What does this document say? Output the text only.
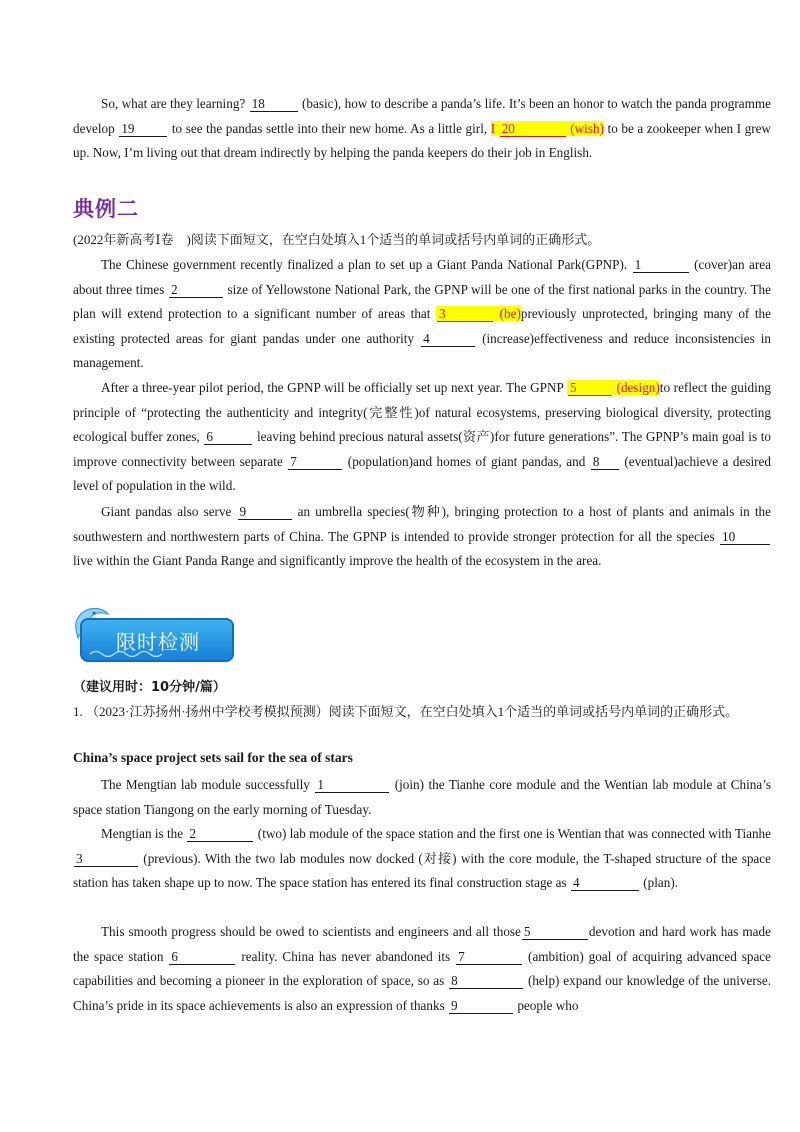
So, what are they learning? 18	(basic), how to describe a panda’s life. It’s been an honor to watch the panda programme develop 19	to see the pandas settle into their new home. As a little girl, I 20	(wish) to be a zookeeper when I grew up. Now, I’m living out that dream indirectly by helping the panda keepers do their job in English.
典例二
(2022年新高考Ⅰ卷　)阅读下面短文，在空白处填入1个适当的单词或括号内单词的正确形式。
The Chinese government recently finalized a plan to set up a Giant Panda National Park(GPNP). 1	(cover)an area about three times 2	size of Yellowstone National Park, the GPNP will be one of the first national parks in the country. The plan will extend protection to a significant number of areas that 3	(be)previously unprotected, bringing many of the existing protected areas for giant pandas under one authority 4	(increase)effectiveness and reduce inconsistencies in management.
After a three-year pilot period, the GPNP will be officially set up next year. The GPNP 5	(design)to reflect the guiding principle of “protecting the authenticity and integrity(完整性)of natural ecosystems, preserving biological diversity, protecting ecological buffer zones, 6	leaving behind precious natural assets(资产)for future generations”. The GPNP’s main goal is to improve connectivity between separate 7	(population)and homes of giant pandas, and 8 (eventual)achieve a desired level of population in the wild.
Giant pandas also serve 9	an umbrella species(物种), bringing protection to a host of plants and animals in the southwestern and northwestern parts of China. The GPNP is intended to provide stronger protection for all the species 10 live within the Giant Panda Range and significantly improve the health of the ecosystem in the area.
限时检测
（建议用时：10分钟/篇）
1. （2023·江苏扬州·扬州中学校考模拟预测）阅读下面短文，在空白处填入1个适当的单词或括号内单词的正确形式。
China’s space project sets sail for the sea of stars
The Mengtian lab module successfully 1	(join) the Tianhe core module and the Wentian lab module at China’s space station Tiangong on the early morning of Tuesday.
Mengtian is the 2	(two) lab module of the space station and the first one is Wentian that was connected with Tianhe 3	(previous). With the two lab modules now docked (对接) with the core module, the T-shaped structure of the space station has taken shape up to now. The space station has entered its final construction stage as 4	(plan).
This smooth progress should be owed to scientists and engineers and all those 5	devotion and hard work has made the space station 6	reality. China has never abandoned its 7	(ambition) goal of acquiring advanced space capabilities and becoming a pioneer in the exploration of space, so as 8	(help) expand our knowledge of the universe. China’s pride in its space achievements is also an expression of thanks 9	people who
